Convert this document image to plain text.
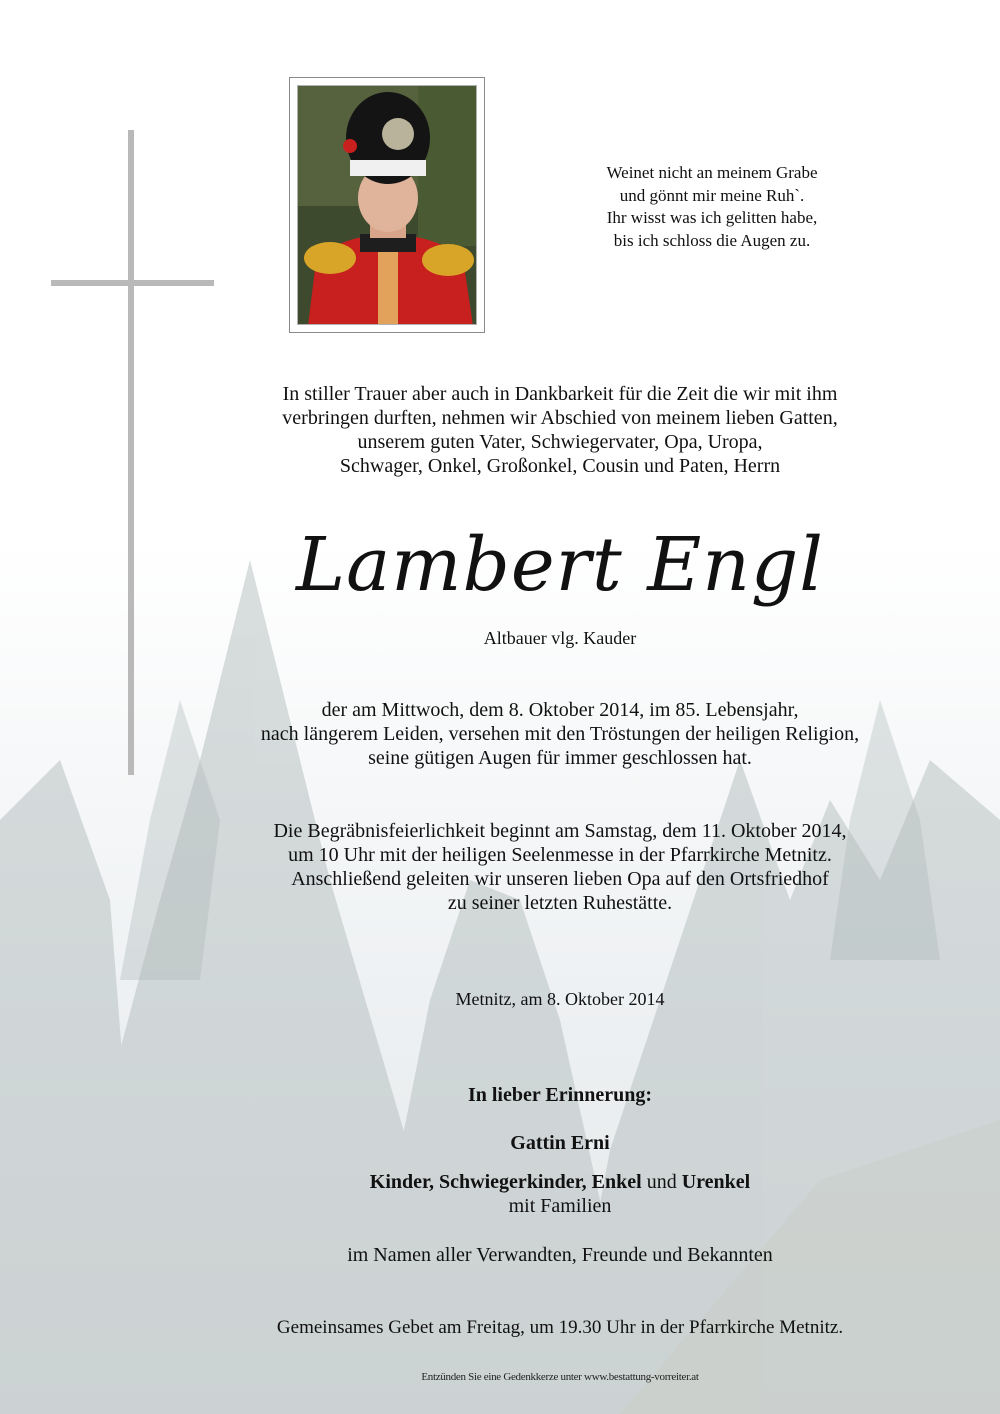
Weinet nicht an meinem Grabe
und gönnt mir meine Ruh`.
Ihr wisst was ich gelitten habe,
bis ich schloss die Augen zu.

In stiller Trauer aber auch in Dankbarkeit für die Zeit die wir mit ihm
verbringen durften, nehmen wir Abschied von meinem lieben Gatten,
unserem guten Vater, Schwiegervater, Opa, Uropa,
Schwager, Onkel, Großonkel, Cousin und Paten, Herrn

Lambert Engl

Altbauer vlg. Kauder

der am Mittwoch, dem 8. Oktober 2014, im 85. Lebensjahr,
nach längerem Leiden, versehen mit den Tröstungen der heiligen Religion,
seine gütigen Augen für immer geschlossen hat.

Die Begräbnisfeierlichkeit beginnt am Samstag, dem 11. Oktober 2014,
um 10 Uhr mit der heiligen Seelenmesse in der Pfarrkirche Metnitz.
Anschließend geleiten wir unseren lieben Opa auf den Ortsfriedhof
zu seiner letzten Ruhestätte.

Metnitz, am 8. Oktober 2014

In lieber Erinnerung:

Gattin Erni

Kinder, Schwiegerkinder, Enkel und Urenkel
mit Familien

im Namen aller Verwandten, Freunde und Bekannten

Gemeinsames Gebet am Freitag, um 19.30 Uhr in der Pfarrkirche Metnitz.

Entzünden Sie eine Gedenkkerze unter www.bestattung-vorreiter.at
